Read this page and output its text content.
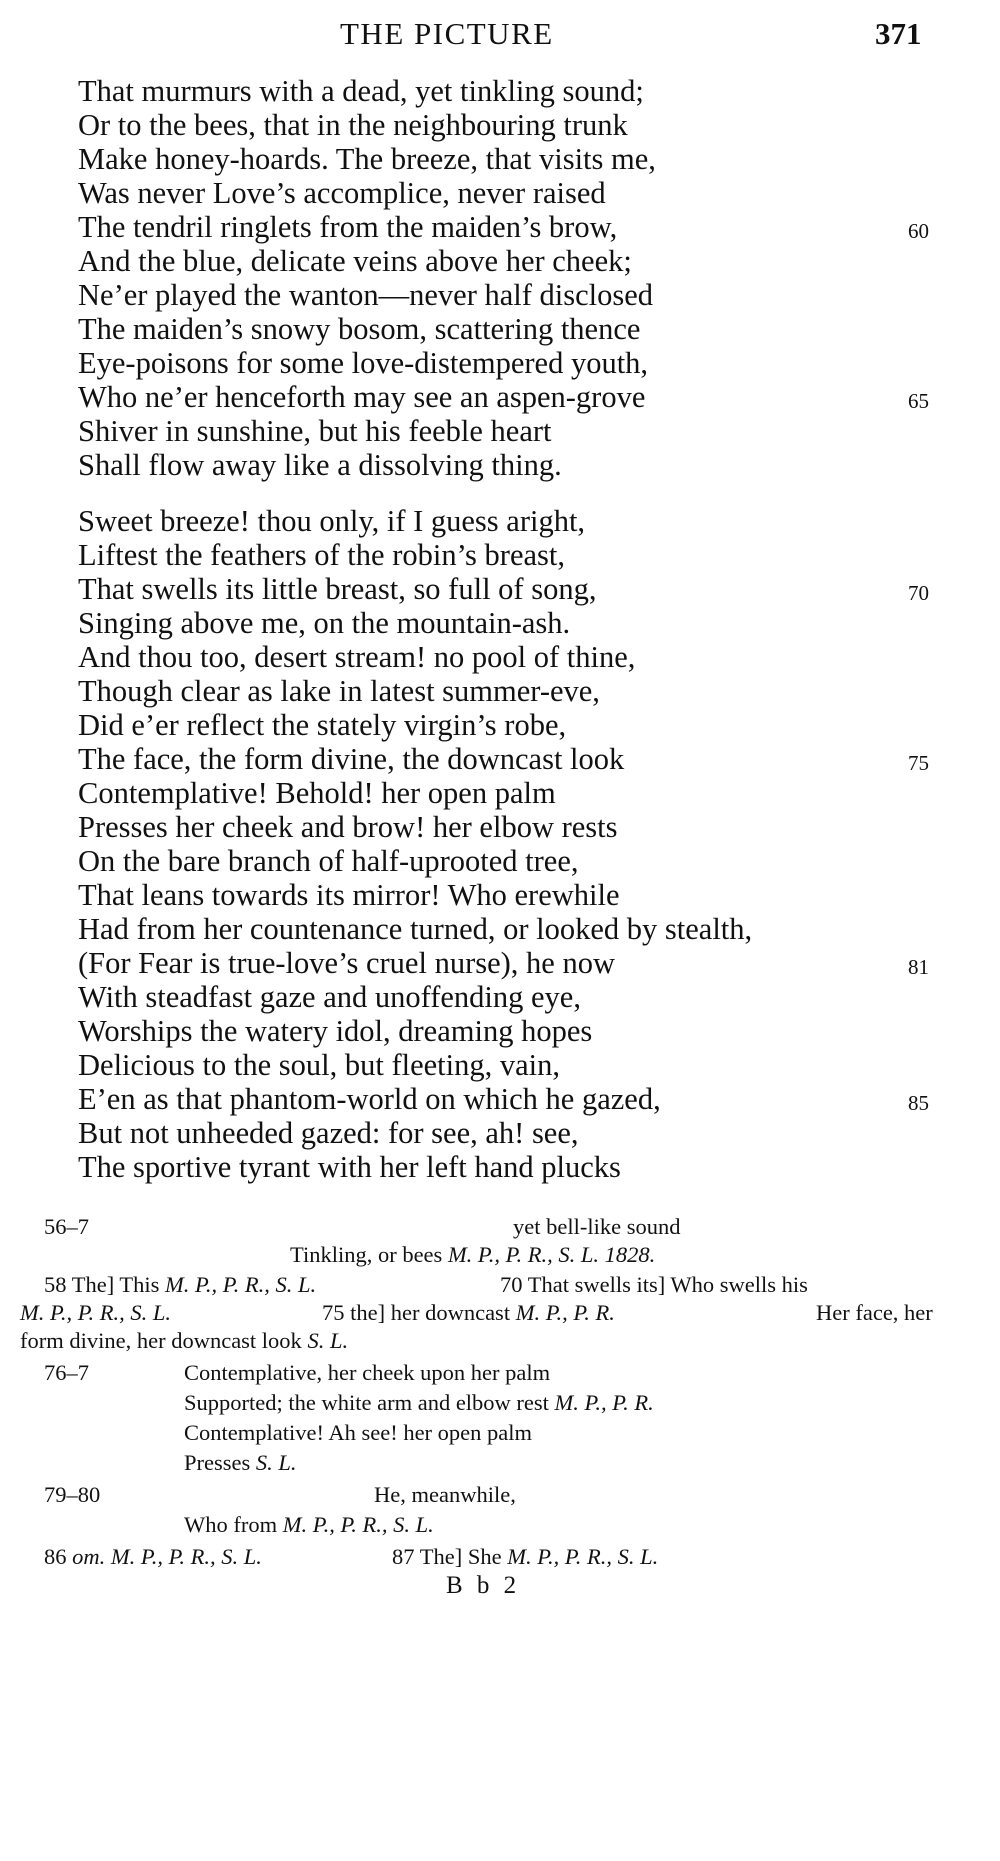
THE PICTURE	371
That murmurs with a dead, yet tinkling sound;
Or to the bees, that in the neighbouring trunk
Make honey-hoards. The breeze, that visits me,
Was never Love’s accomplice, never raised
The tendril ringlets from the maiden’s brow,
And the blue, delicate veins above her cheek;
Ne’er played the wanton—never half disclosed
The maiden’s snowy bosom, scattering thence
Eye-poisons for some love-distempered youth,
Who ne’er henceforth may see an aspen-grove
Shiver in sunshine, but his feeble heart
Shall flow away like a dissolving thing.
Sweet breeze! thou only, if I guess aright,
Liftest the feathers of the robin’s breast,
That swells its little breast, so full of song,
Singing above me, on the mountain-ash.
And thou too, desert stream! no pool of thine,
Though clear as lake in latest summer-eve,
Did e’er reflect the stately virgin’s robe,
The face, the form divine, the downcast look
Contemplative! Behold! her open palm
Presses her cheek and brow! her elbow rests
On the bare branch of half-uprooted tree,
That leans towards its mirror! Who erewhile
Had from her countenance turned, or looked by stealth,
(For Fear is true-love’s cruel nurse), he now
With steadfast gaze and unoffending eye,
Worships the watery idol, dreaming hopes
Delicious to the soul, but fleeting, vain,
E’en as that phantom-world on which he gazed,
But not unheeded gazed: for see, ah! see,
The sportive tyrant with her left hand plucks
60
65
70
75
81
85
56–7	yet bell-like sound
Tinkling, or bees M. P., P. R., S. L. 1828.
58 The] This M. P., P. R., S. L.	70 That swells its] Who swells his
M. P., P. R., S. L.	75 the] her downcast M. P., P. R.	Her face, her
form divine, her downcast look S. L.
76–7	Contemplative, her cheek upon her palm
Supported; the white arm and elbow rest M. P., P. R.
Contemplative! Ah see! her open palm
Presses S. L.
79–80	He, meanwhile,
Who from M. P., P. R., S. L.
86 om. M. P., P. R., S. L.	87 The] She M. P., P. R., S. L.
B b 2
